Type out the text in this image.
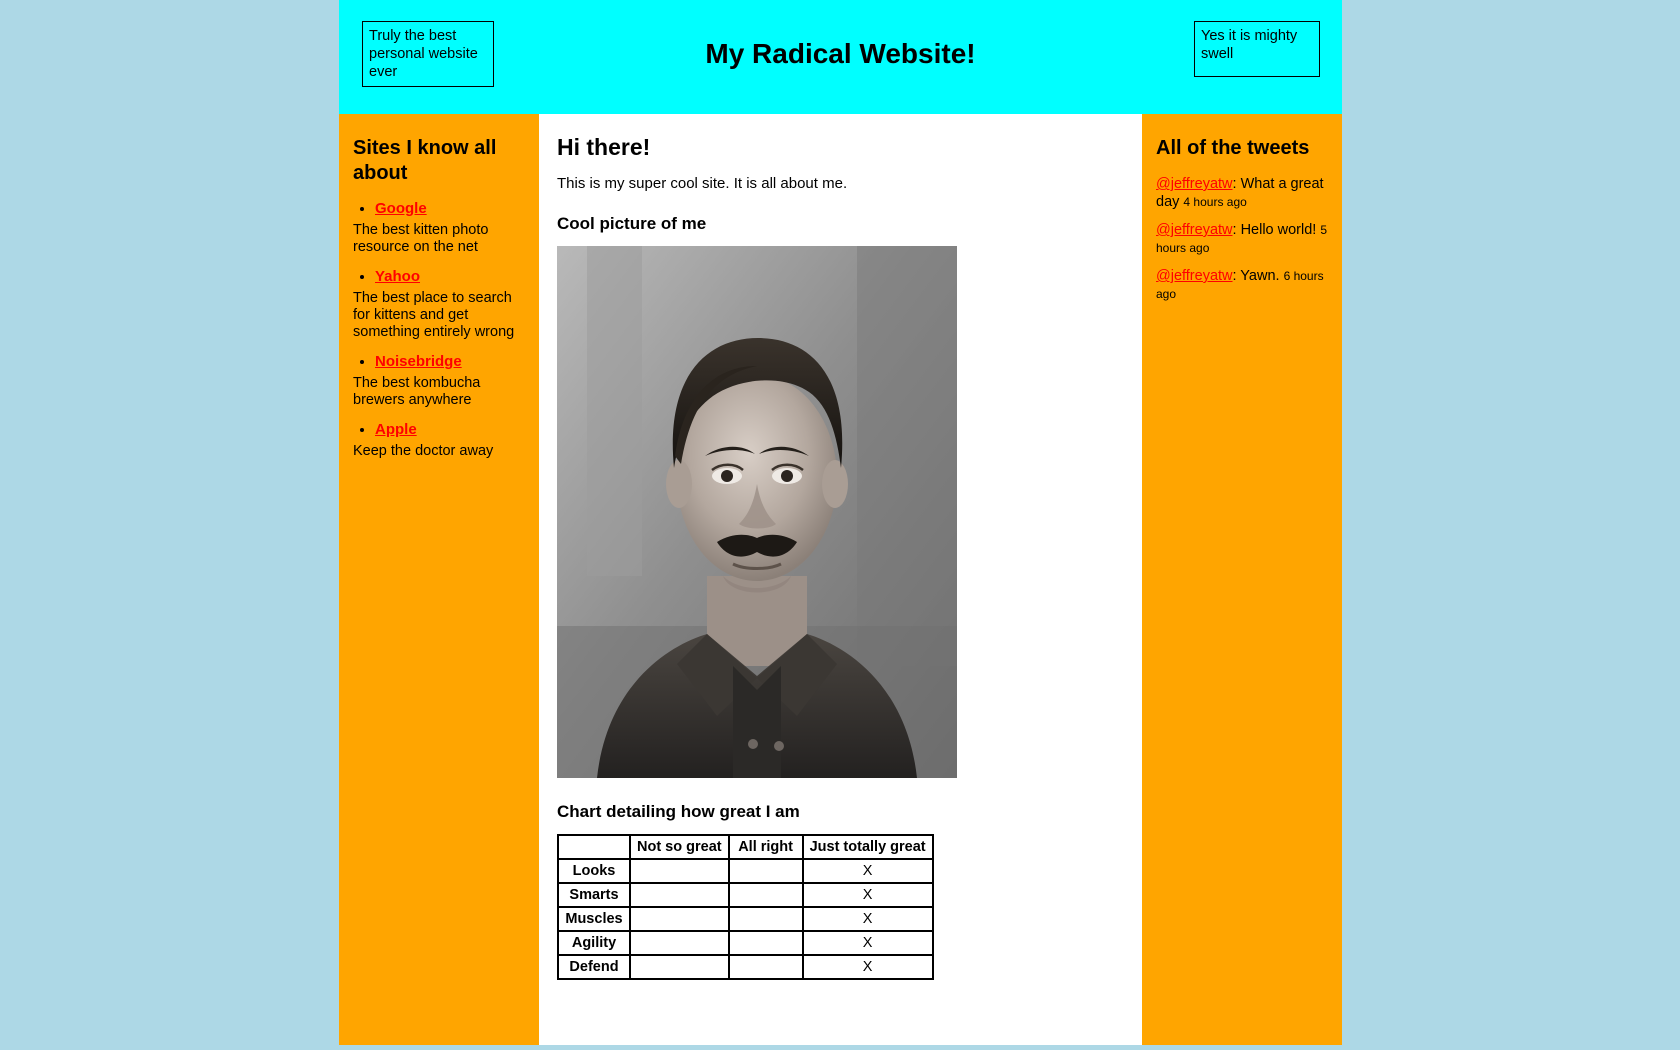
Truly the best personal website ever
My Radical Website!
Yes it is mighty swell
Sites I know all about
• Google
The best kitten photo resource on the net
• Yahoo
The best place to search for kittens and get something entirely wrong
• Noisebridge
The best kombucha brewers anywhere
• Apple
Keep the doctor away
Hi there!

This is my super cool site. It is all about me.

Cool picture of me
Chart detailing how great I am
	Not so great	All right	Just totally great
Looks			X
Smarts			X
Muscles			X
Agility			X
Defend			X
All of the tweets
@jeffreyatw: What a great day 4 hours ago
@jeffreyatw: Hello world! 5 hours ago
@jeffreyatw: Yawn. 6 hours ago
